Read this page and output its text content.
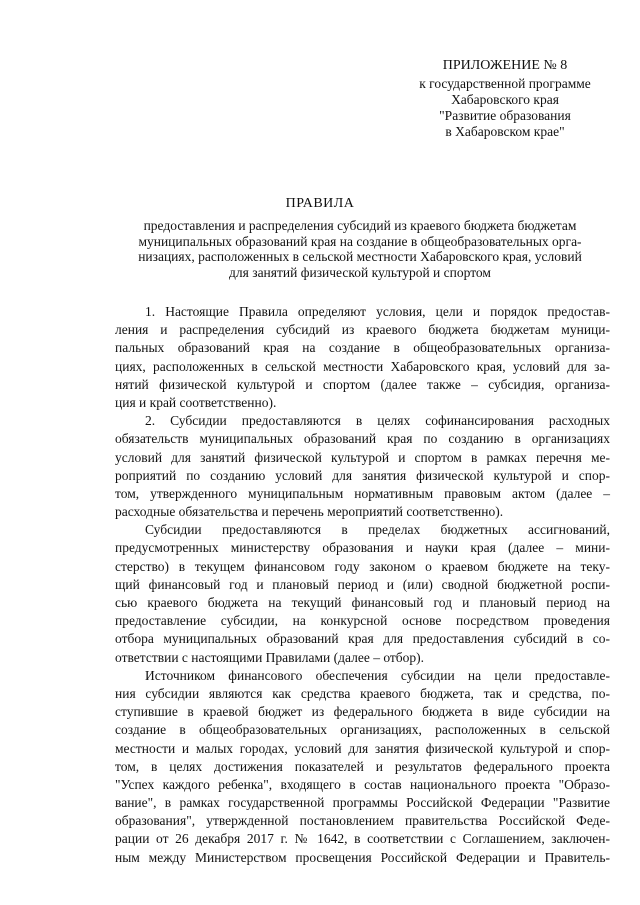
ПРИЛОЖЕНИЕ № 8
к государственной программе
Хабаровского края
"Развитие образования
в Хабаровском крае"
ПРАВИЛА
предоставления и распределения субсидий из краевого бюджета бюджетам
муниципальных образований края на создание в общеобразовательных орга-
низациях, расположенных в сельской местности Хабаровского края, условий
для занятий физической культурой и спортом
1. Настоящие Правила определяют условия, цели и порядок предостав-
ления и распределения субсидий из краевого бюджета бюджетам муници-
пальных образований края на создание в общеобразовательных организа-
циях, расположенных в сельской местности Хабаровского края, условий для за-
нятий физической культурой и спортом (далее также – субсидия, организа-
ция и край соответственно).
2. Субсидии предоставляются в целях софинансирования расходных
обязательств муниципальных образований края по созданию в организациях
условий для занятий физической культурой и спортом в рамках перечня ме-
роприятий по созданию условий для занятия физической культурой и спор-
том, утвержденного муниципальным нормативным правовым актом (далее –
расходные обязательства и перечень мероприятий соответственно).
Субсидии предоставляются в пределах бюджетных ассигнований,
предусмотренных министерству образования и науки края (далее – мини-
стерство) в текущем финансовом году законом о краевом бюджете на теку-
щий финансовый год и плановый период и (или) сводной бюджетной роспи-
сью краевого бюджета на текущий финансовый год и плановый период на
предоставление субсидии, на конкурсной основе посредством проведения
отбора муниципальных образований края для предоставления субсидий в со-
ответствии с настоящими Правилами (далее – отбор).
Источником финансового обеспечения субсидии на цели предоставле-
ния субсидии являются как средства краевого бюджета, так и средства, по-
ступившие в краевой бюджет из федерального бюджета в виде субсидии на
создание в общеобразовательных организациях, расположенных в сельской
местности и малых городах, условий для занятия физической культурой и спор-
том, в целях достижения показателей и результатов федерального проекта
"Успех каждого ребенка", входящего в состав национального проекта "Образо-
вание", в рамках государственной программы Российской Федерации "Развитие
образования", утвержденной постановлением правительства Российской Феде-
рации от 26 декабря 2017 г. № 1642, в соответствии с Соглашением, заключен-
ным между Министерством просвещения Российской Федерации и Правитель-
